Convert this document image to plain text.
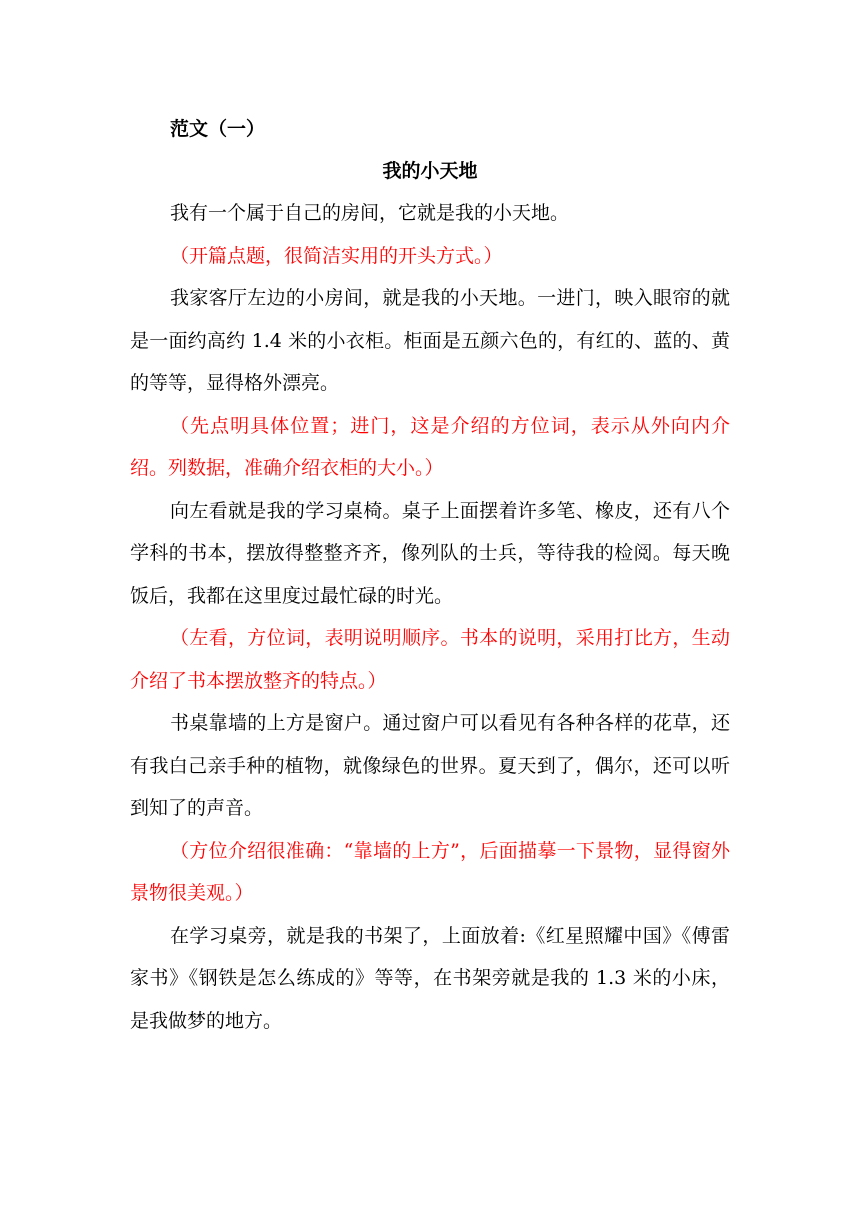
范文（一）

我的小天地

我有一个属于自己的房间，它就是我的小天地。

（开篇点题，很简洁实用的开头方式。）

我家客厅左边的小房间，就是我的小天地。一进门，映入眼帘的就是一面约高约 1.4 米的小衣柜。柜面是五颜六色的，有红的、蓝的、黄的等等，显得格外漂亮。

（先点明具体位置；进门，这是介绍的方位词，表示从外向内介绍。列数据，准确介绍衣柜的大小。）

向左看就是我的学习桌椅。桌子上面摆着许多笔、橡皮，还有八个学科的书本，摆放得整整齐齐，像列队的士兵，等待我的检阅。每天晚饭后，我都在这里度过最忙碌的时光。

（左看，方位词，表明说明顺序。书本的说明，采用打比方，生动介绍了书本摆放整齐的特点。）

书桌靠墙的上方是窗户。通过窗户可以看见有各种各样的花草，还有我白己亲手种的植物，就像绿色的世界。夏天到了，偶尔，还可以听到知了的声音。

（方位介绍很准确：“靠墙的上方”，后面描摹一下景物，显得窗外景物很美观。）

在学习桌旁，就是我的书架了，上面放着:《红星照耀中国》《傅雷家书》《钢铁是怎么练成的》等等，在书架旁就是我的 1.3 米的小床，是我做梦的地方。
